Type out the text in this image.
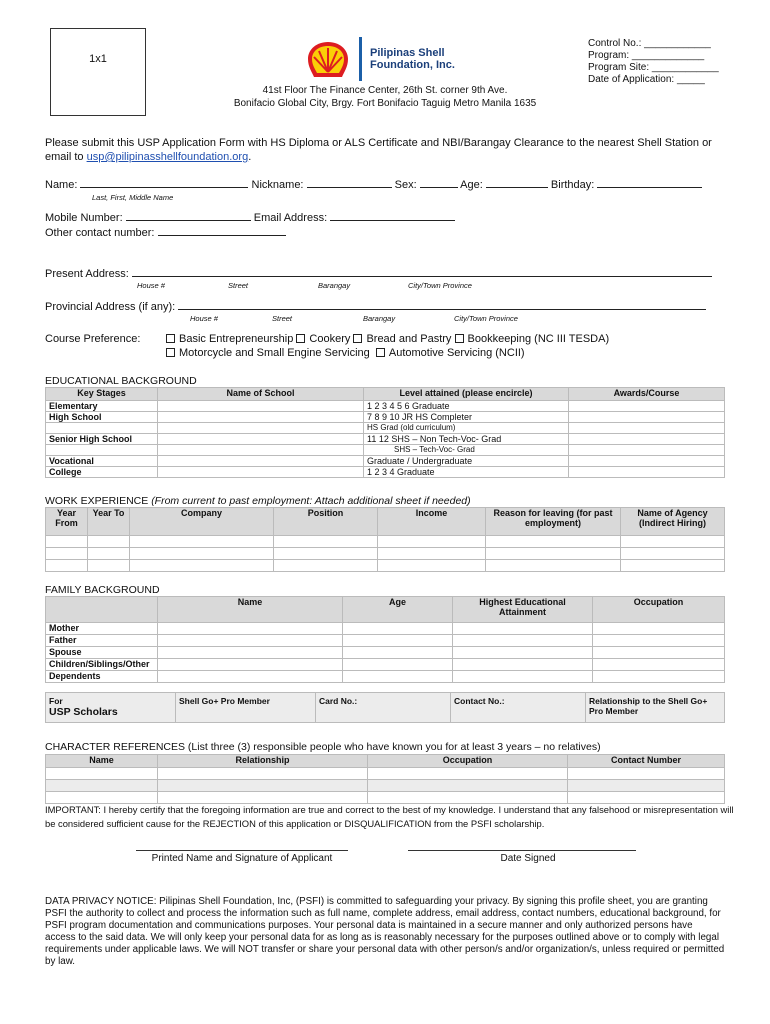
1x1	Pilipinas Shell
Foundation, Inc.
Control No.: ____________
Program: _____________
Program Site: ____________
Date of Application: _____
41st Floor The Finance Center, 26th St. corner 9th Ave.
Bonifacio Global City, Brgy. Fort Bonifacio Taguig Metro Manila 1635
Please submit this USP Application Form with HS Diploma or ALS Certificate and NBI/Barangay Clearance to the nearest Shell Station or email to usp@pilipinasshellfoundation.org.
Name:	Nickname:	Sex:	Age:	Birthday:
Last, First, Middle Name
Mobile Number:	Email Address:
Other contact number:
Present Address:
House #	Street	Barangay	City/Town Province
Provincial Address (if any):
House #	Street	Barangay	City/Town Province
Course Preference:	Basic Entrepreneurship Cookery Bread and Pastry Bookkeeping (NC III TESDA)
Motorcycle and Small Engine Servicing Automotive Servicing (NCII)
EDUCATIONAL BACKGROUND
Key Stages	Name of School	Level attained (please encircle)	Awards/Course
Elementary		1 2 3 4 5 6 Graduate	
High School		7 8 9 10 JR HS Completer	
		HS Grad (old curriculum)	
Senior High School		11 12 SHS – Non Tech-Voc- Grad	
		SHS – Tech-Voc- Grad	
Vocational		Graduate / Undergraduate	
College		1 2 3 4 Graduate	
WORK EXPERIENCE (From current to past employment: Attach additional sheet if needed)
Year From	Year To	Company	Position	Income	Reason for leaving (for past employment)	Name of Agency (Indirect Hiring)

FAMILY BACKGROUND
	Name	Age	Highest Educational Attainment	Occupation
Mother				
Father				
Spouse				
Children/Siblings/Other				
Dependents				
For
USP Scholars
	Shell Go+ Pro Member	Card No.:	Contact No.:	Relationship to the Shell Go+ Pro Member
CHARACTER REFERENCES (List three (3) responsible people who have known you for at least 3 years – no relatives)
Name	Relationship	Occupation	Contact Number

IMPORTANT: I hereby certify that the foregoing information are true and correct to the best of my knowledge. I understand that any falsehood or misrepresentation will be considered sufficient cause for the REJECTION of this application or DISQUALIFICATION from the PSFI scholarship.
Printed Name and Signature of Applicant	Date Signed
DATA PRIVACY NOTICE: Pilipinas Shell Foundation, Inc, (PSFI) is committed to safeguarding your privacy. By signing this profile sheet, you are granting PSFI the authority to collect and process the information such as full name, complete address, email address, contact numbers, educational background, for PSFI program documentation and communications purposes. Your personal data is maintained in a secure manner and only authorized persons have access to the said data. We will only keep your personal data for as long as is reasonably necessary for the purposes outlined above or to comply with legal requirements under applicable laws. We will NOT transfer or share your personal data with other person/s and/or organization/s, unless required or permitted by law.
